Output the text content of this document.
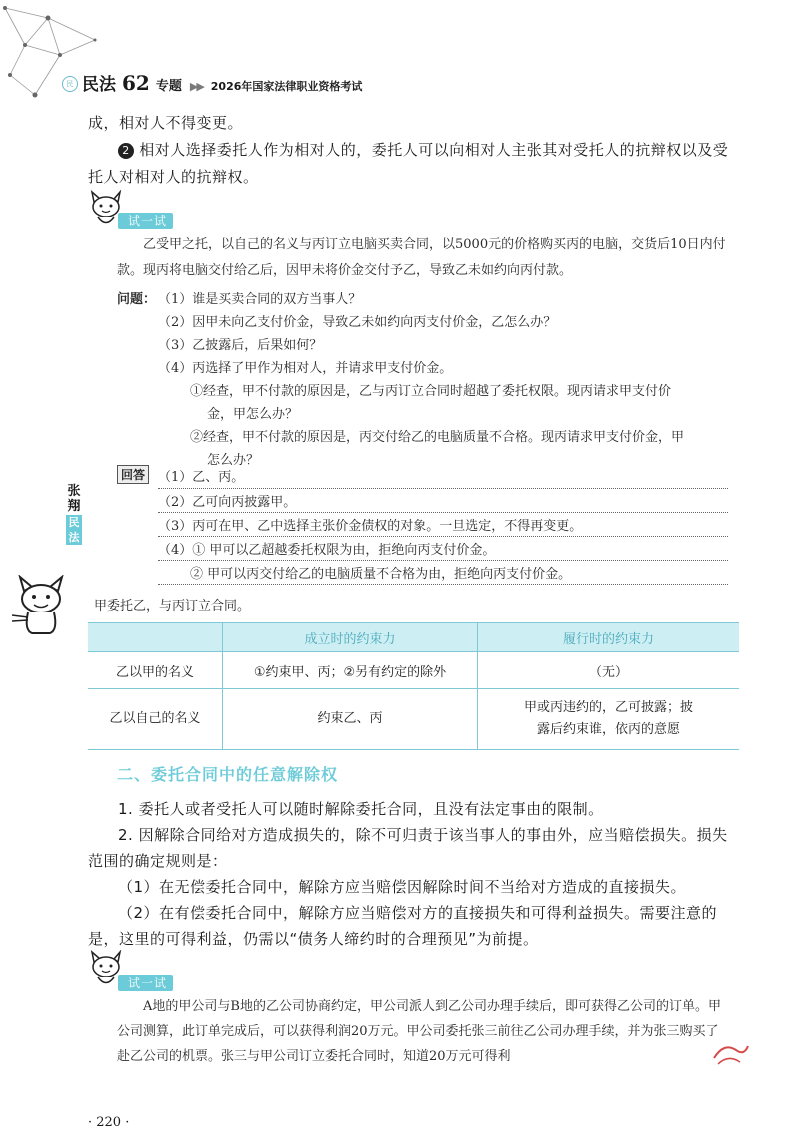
民 民法 62 专题 ▶▶ 2026年国家法律职业资格考试

成，相对人不得变更。

2 相对人选择委托人作为相对人的，委托人可以向相对人主张其对受托人的抗辩权以及受托人对相对人的抗辩权。

试一试
乙受甲之托，以自己的名义与丙订立电脑买卖合同，以5000元的价格购买丙的电脑，交货后10日内付款。现丙将电脑交付给乙后，因甲未将价金交付予乙，导致乙未如约向丙付款。
问题： （1）谁是买卖合同的双方当事人？
（2）因甲未向乙支付价金，导致乙未如约向丙支付价金，乙怎么办？
（3）乙披露后，后果如何？
（4）丙选择了甲作为相对人，并请求甲支付价金。
①经查，甲不付款的原因是，乙与丙订立合同时超越了委托权限。现丙请求甲支付价
金，甲怎么办？
②经查，甲不付款的原因是，丙交付给乙的电脑质量不合格。现丙请求甲支付价金，甲
怎么办？
回答 （1）乙、丙。
（2）乙可向丙披露甲。
（3）丙可在甲、乙中选择主张价金债权的对象。一旦选定，不得再变更。
（4）① 甲可以乙超越委托权限为由，拒绝向丙支付价金。
② 甲可以丙交付给乙的电脑质量不合格为由，拒绝向丙支付价金。
张翔
民法
甲委托乙，与丙订立合同。
	成立时的约束力	履行时的约束力
乙以甲的名义	①约束甲、丙；②另有约定的除外	（无）
乙以自己的名义	约束乙、丙	甲或丙违约的，乙可披露；披露后约束谁，依丙的意愿
二、委托合同中的任意解除权

1. 委托人或者受托人可以随时解除委托合同，且没有法定事由的限制。

2. 因解除合同给对方造成损失的，除不可归责于该当事人的事由外，应当赔偿损失。损失范围的确定规则是：

（1）在无偿委托合同中，解除方应当赔偿因解除时间不当给对方造成的直接损失。

（2）在有偿委托合同中，解除方应当赔偿对方的直接损失和可得利益损失。需要注意的是，这里的可得利益，仍需以“债务人缔约时的合理预见”为前提。

试一试
A地的甲公司与B地的乙公司协商约定，甲公司派人到乙公司办理手续后，即可获得乙公司的订单。甲公司测算，此订单完成后，可以获得利润20万元。甲公司委托张三前往乙公司办理手续，并为张三购买了赴乙公司的机票。张三与甲公司订立委托合同时，知道20万元可得利
· 220 ·
